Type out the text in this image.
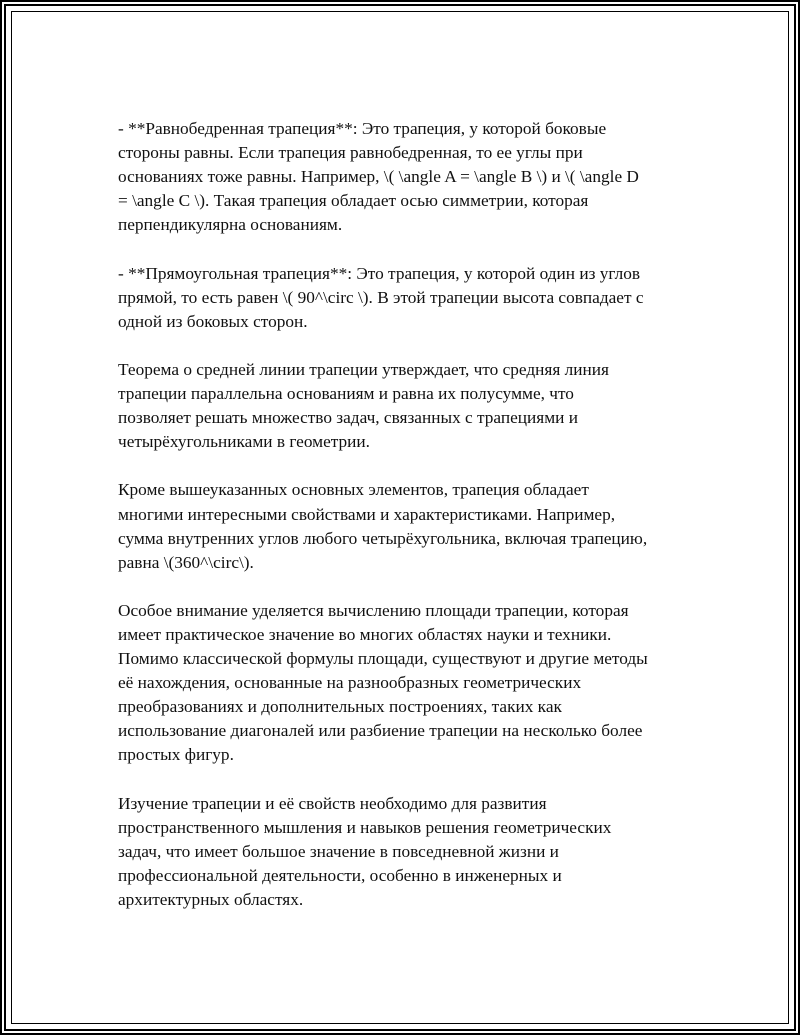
- **Равнобедренная трапеция**: Это трапеция, у которой боковые
стороны равны. Если трапеция равнобедренная, то ее углы при
основаниях тоже равны. Например, \( \angle A = \angle B \) и \( \angle D
= \angle C \). Такая трапеция обладает осью симметрии, которая
перпендикулярна основаниям.

- **Прямоугольная трапеция**: Это трапеция, у которой один из углов
прямой, то есть равен \( 90^\circ \). В этой трапеции высота совпадает с
одной из боковых сторон.

Теорема о средней линии трапеции утверждает, что средняя линия
трапеции параллельна основаниям и равна их полусумме, что
позволяет решать множество задач, связанных с трапециями и
четырёхугольниками в геометрии.

Кроме вышеуказанных основных элементов, трапеция обладает
многими интересными свойствами и характеристиками. Например,
сумма внутренних углов любого четырёхугольника, включая трапецию,
равна \(360^\circ\).

Особое внимание уделяется вычислению площади трапеции, которая
имеет практическое значение во многих областях науки и техники.
Помимо классической формулы площади, существуют и другие методы
её нахождения, основанные на разнообразных геометрических
преобразованиях и дополнительных построениях, таких как
использование диагоналей или разбиение трапеции на несколько более
простых фигур.

Изучение трапеции и её свойств необходимо для развития
пространственного мышления и навыков решения геометрических
задач, что имеет большое значение в повседневной жизни и
профессиональной деятельности, особенно в инженерных и
архитектурных областях.
